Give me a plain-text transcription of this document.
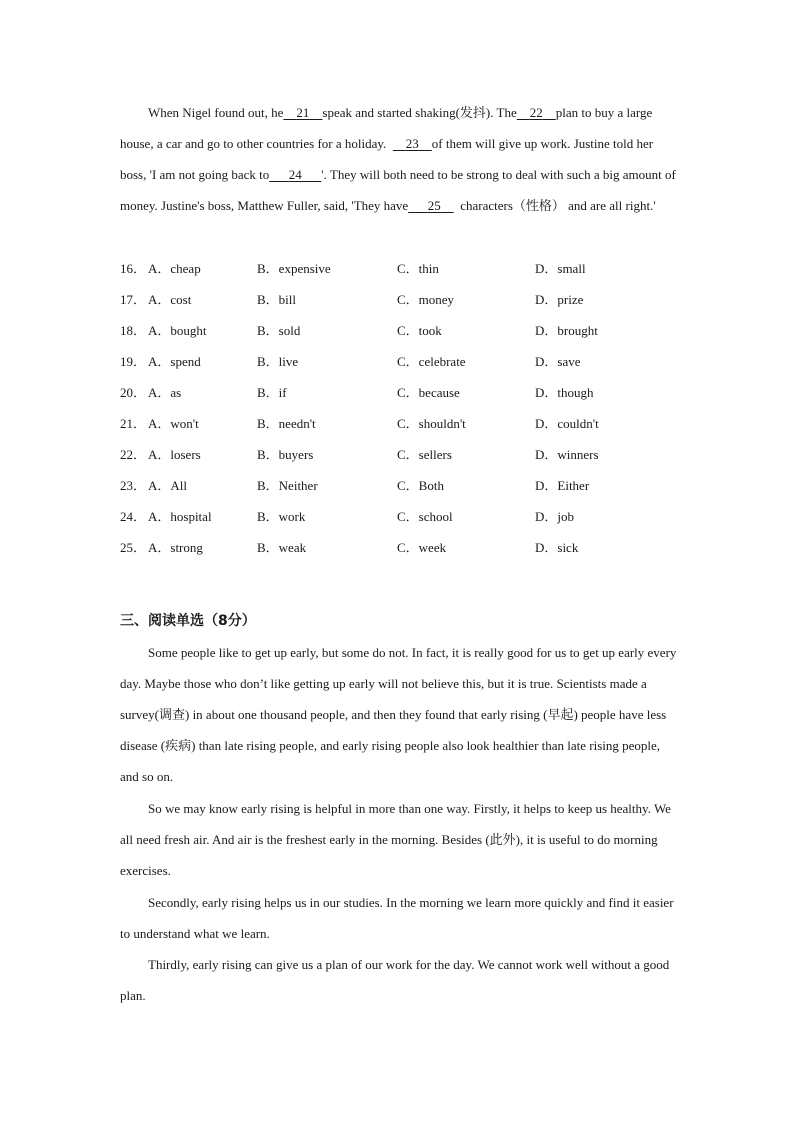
When Nigel found out, he   21   speak and started shaking(发抖). The   22   plan to buy a large house, a car and go to other countries for a holiday.    23   of them will give up work. Justine told her boss, 'I am not going back to    24    '. They will both need to be strong to deal with such a big amount of money. Justine's boss, Matthew Fuller, said, 'They have    25    characters（性格） and are all right.'

16． A．cheap	B．expensive	C．thin	D．small
17． A．cost	B．bill	C．money	D．prize
18． A．bought	B．sold	C．took	D．brought
19． A．spend	B．live	C．celebrate	D．save
20． A．as	B．if	C．because	D．though
21． A．won't	B．needn't	C．shouldn't	D．couldn't
22． A．losers	B．buyers	C．sellers	D．winners
23． A．All	B．Neither	C．Both	D．Either
24． A．hospital	B．work	C．school	D．job
25． A．strong	B．weak	C．week	D．sick
三、阅读单选（8分）

Some people like to get up early, but some do not. In fact, it is really good for us to get up early every day. Maybe those who don’t like getting up early will not believe this, but it is true. Scientists made a survey(调查) in about one thousand people, and then they found that early rising (早起) people have less disease (疾病) than late rising people, and early rising people also look healthier than late rising people, and so on.

So we may know early rising is helpful in more than one way. Firstly, it helps to keep us healthy. We all need fresh air. And air is the freshest early in the morning. Besides (此外), it is useful to do morning exercises.

Secondly, early rising helps us in our studies. In the morning we learn more quickly and find it easier to understand what we learn.

Thirdly, early rising can give us a plan of our work for the day. We cannot work well without a good plan.
